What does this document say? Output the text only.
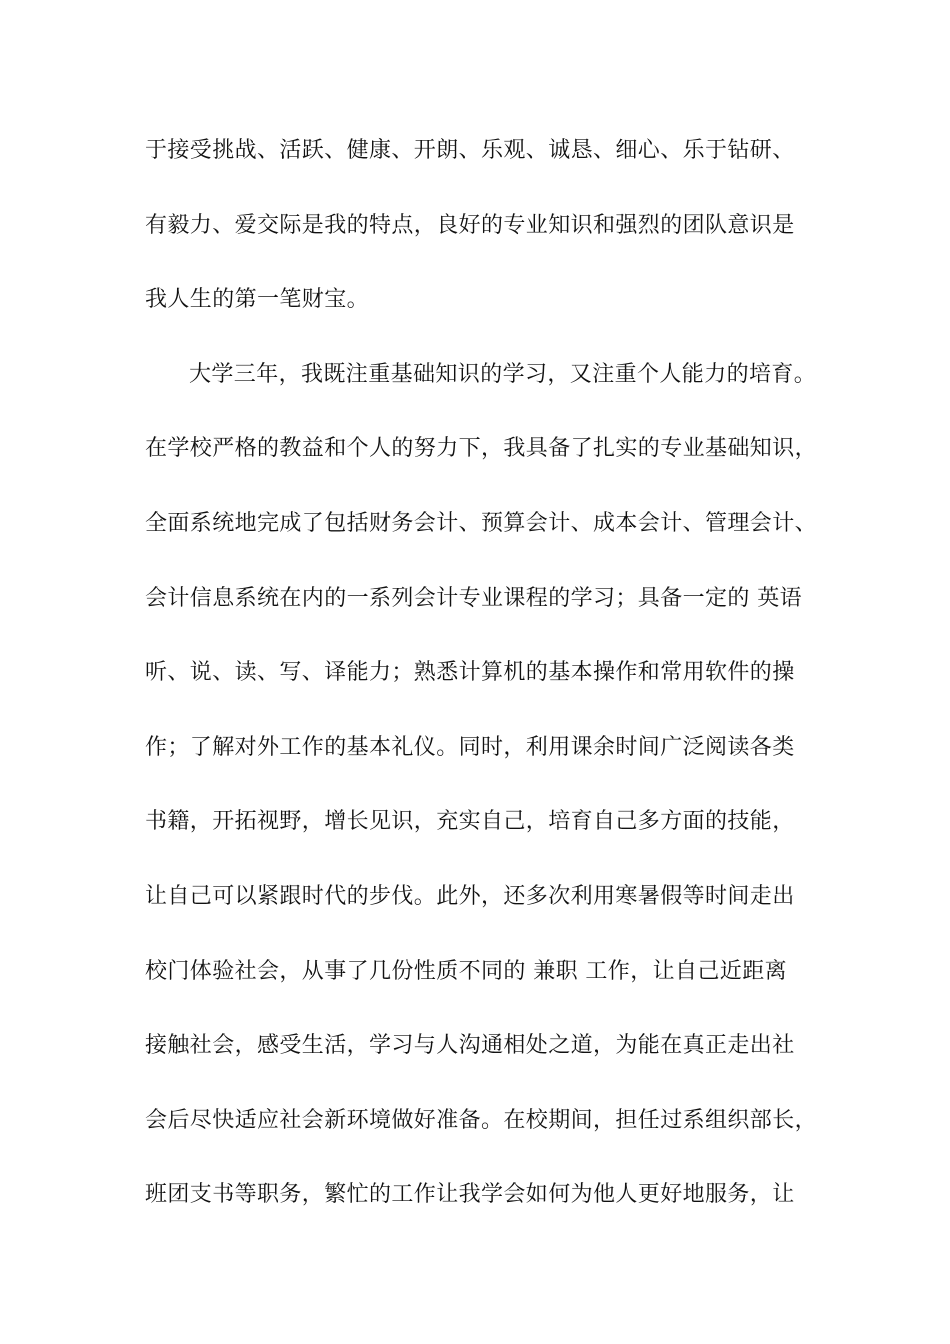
于接受挑战、活跃、健康、开朗、乐观、诚恳、细心、乐于钻研、
有毅力、爱交际是我的特点，良好的专业知识和强烈的团队意识是
我人生的第一笔财宝。
大学三年，我既注重基础知识的学习，又注重个人能力的培育。
在学校严格的教益和个人的努力下，我具备了扎实的专业基础知识，
全面系统地完成了包括财务会计、预算会计、成本会计、管理会计、
会计信息系统在内的一系列会计专业课程的学习；具备一定的 英语
听、说、读、写、译能力；熟悉计算机的基本操作和常用软件的操
作；了解对外工作的基本礼仪。同时，利用课余时间广泛阅读各类
书籍，开拓视野，增长见识，充实自己，培育自己多方面的技能，
让自己可以紧跟时代的步伐。此外，还多次利用寒暑假等时间走出
校门体验社会，从事了几份性质不同的 兼职 工作，让自己近距离
接触社会，感受生活，学习与人沟通相处之道，为能在真正走出社
会后尽快适应社会新环境做好准备。在校期间，担任过系组织部长，
班团支书等职务，繁忙的工作让我学会如何为他人更好地服务，让
